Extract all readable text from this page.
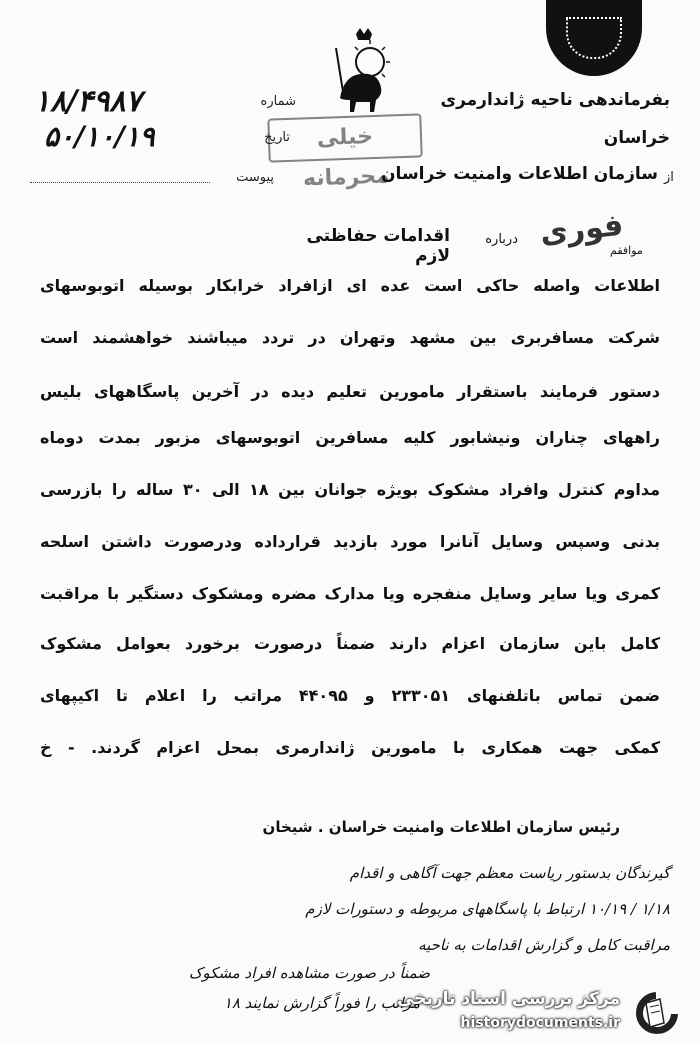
شماره
۱۸/۴۹۸۷
تاریخ
۵۰/۱۰/۱۹
پیوست
بفرماندهی ناحیه ژاندارمری
خراسان
خیلی محرمانه	از
سازمان اطلاعات وامنیت خراسان
فوری
درباره
اقدامات حفاظتی لازم	موافقم
اطلاعات واصله حاکی است عده ای ازافراد خرابکار بوسیله اتوبوسهای
شرکت مسافربری بین مشهد وتهران در تردد میباشند خواهشمند است
دستور فرمایند باستقرار مامورین تعلیم دیده در آخرین پاسگاههای بلیس
راههای چناران ونیشابور کلیه مسافرین اتوبوسهای مزبور بمدت دوماه
مداوم کنترل وافراد مشکوک بویژه جوانان بین ۱۸ الی ۳۰ ساله را بازرسی
بدنی وسپس وسایل آنانرا مورد بازدید قرارداده ودرصورت داشتن اسلحه
کمری ویا سایر وسایل منفجره ویا مدارک مضره ومشکوک دستگیر با مراقبت
کامل باین سازمان اعزام دارند ضمناً درصورت برخورد بعوامل مشکوک
ضمن تماس باتلفنهای ۲۳۳۰۵۱ و ۴۴۰۹۵ مراتب را اعلام تا اکیپهای
کمکی جهت همکاری با مامورین ژاندارمری بمحل اعزام گردند. - خ
رئیس سازمان اطلاعات وامنیت خراسان . شیخان
گیرندگان بدستور ریاست معظم جهت آگاهی و اقدام
۱/۱۸ / ۱۰/۱۹ ارتباط با پاسگاههای مربوطه و دستورات لازم
مراقبت کامل و گزارش اقدامات به ناحیه
ضمناً در صورت مشاهده افراد مشکوک
مراتب را فوراً گزارش نمایند ۱۸
مرکز بررسی اسناد تاریخی
historydocuments.ir
